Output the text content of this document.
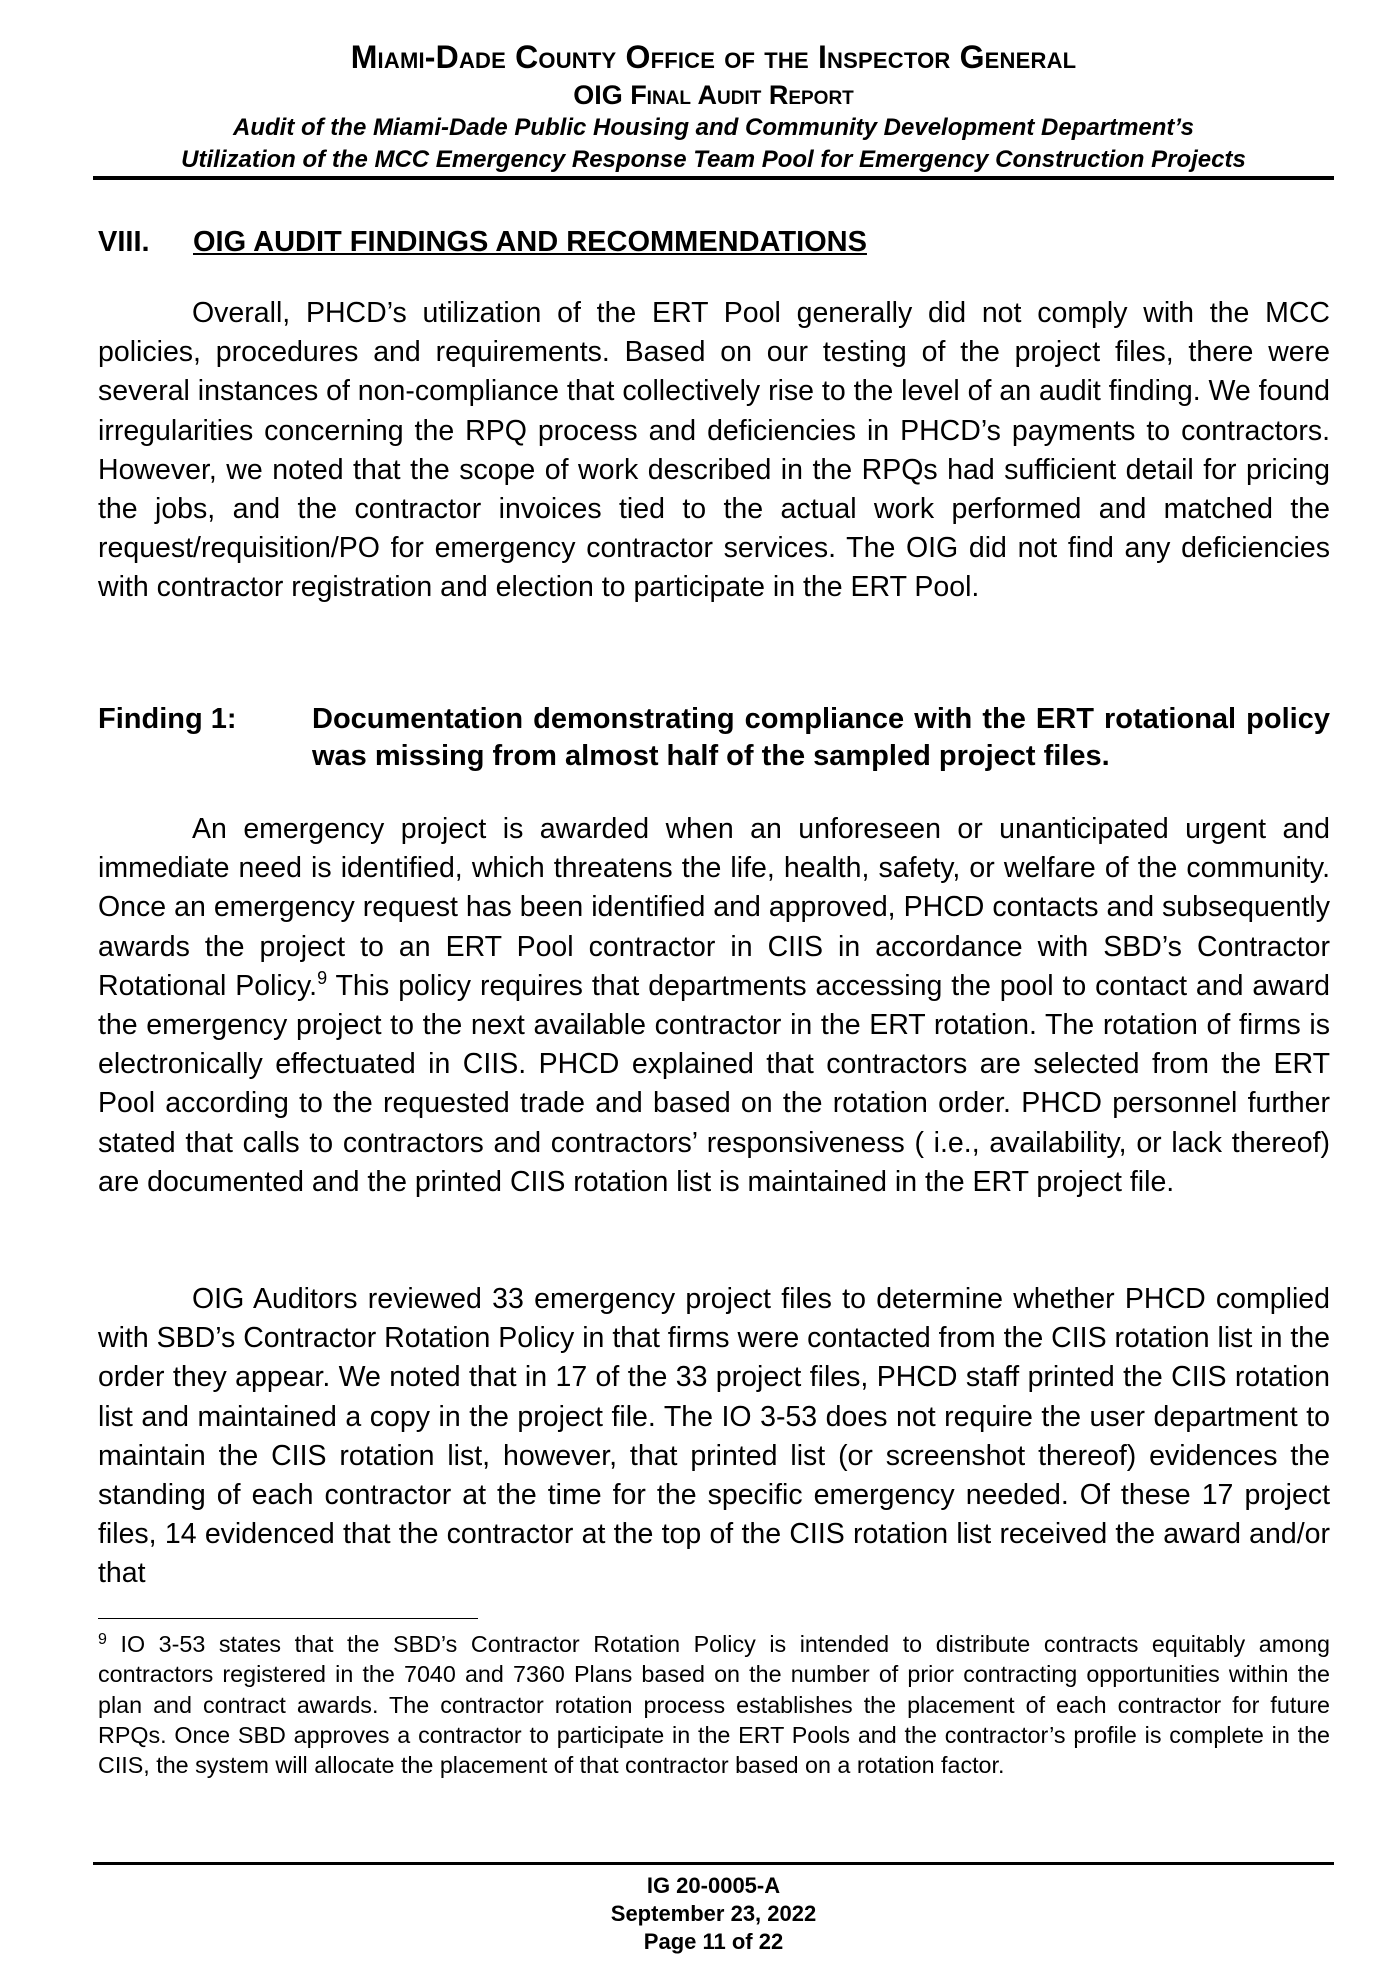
Miami-Dade County Office of the Inspector General
OIG Final Audit Report
Audit of the Miami-Dade Public Housing and Community Development Department’s
Utilization of the MCC Emergency Response Team Pool for Emergency Construction Projects
VIII. OIG AUDIT FINDINGS AND RECOMMENDATIONS

Overall, PHCD’s utilization of the ERT Pool generally did not comply with the MCC policies, procedures and requirements. Based on our testing of the project files, there were several instances of non-compliance that collectively rise to the level of an audit finding. We found irregularities concerning the RPQ process and deficiencies in PHCD’s payments to contractors. However, we noted that the scope of work described in the RPQs had sufficient detail for pricing the jobs, and the contractor invoices tied to the actual work performed and matched the request/requisition/PO for emergency contractor services. The OIG did not find any deficiencies with contractor registration and election to participate in the ERT Pool.

Finding 1:	Documentation demonstrating compliance with the ERT rotational policy was missing from almost half of the sampled project files.

An emergency project is awarded when an unforeseen or unanticipated urgent and immediate need is identified, which threatens the life, health, safety, or welfare of the community. Once an emergency request has been identified and approved, PHCD contacts and subsequently awards the project to an ERT Pool contractor in CIIS in accordance with SBD’s Contractor Rotational Policy.$^9$ This policy requires that departments accessing the pool to contact and award the emergency project to the next available contractor in the ERT rotation. The rotation of firms is electronically effectuated in CIIS. PHCD explained that contractors are selected from the ERT Pool according to the requested trade and based on the rotation order. PHCD personnel further stated that calls to contractors and contractors’ responsiveness ( i.e., availability, or lack thereof) are documented and the printed CIIS rotation list is maintained in the ERT project file.

OIG Auditors reviewed 33 emergency project files to determine whether PHCD complied with SBD’s Contractor Rotation Policy in that firms were contacted from the CIIS rotation list in the order they appear. We noted that in 17 of the 33 project files, PHCD staff printed the CIIS rotation list and maintained a copy in the project file. The IO 3-53 does not require the user department to maintain the CIIS rotation list, however, that printed list (or screenshot thereof) evidences the standing of each contractor at the time for the specific emergency needed. Of these 17 project files, 14 evidenced that the contractor at the top of the CIIS rotation list received the award and/or that

$^9$ IO 3-53 states that the SBD’s Contractor Rotation Policy is intended to distribute contracts equitably among contractors registered in the 7040 and 7360 Plans based on the number of prior contracting opportunities within the plan and contract awards. The contractor rotation process establishes the placement of each contractor for future RPQs. Once SBD approves a contractor to participate in the ERT Pools and the contractor’s profile is complete in the CIIS, the system will allocate the placement of that contractor based on a rotation factor.

IG 20-0005-A
September 23, 2022
Page 11 of 22
